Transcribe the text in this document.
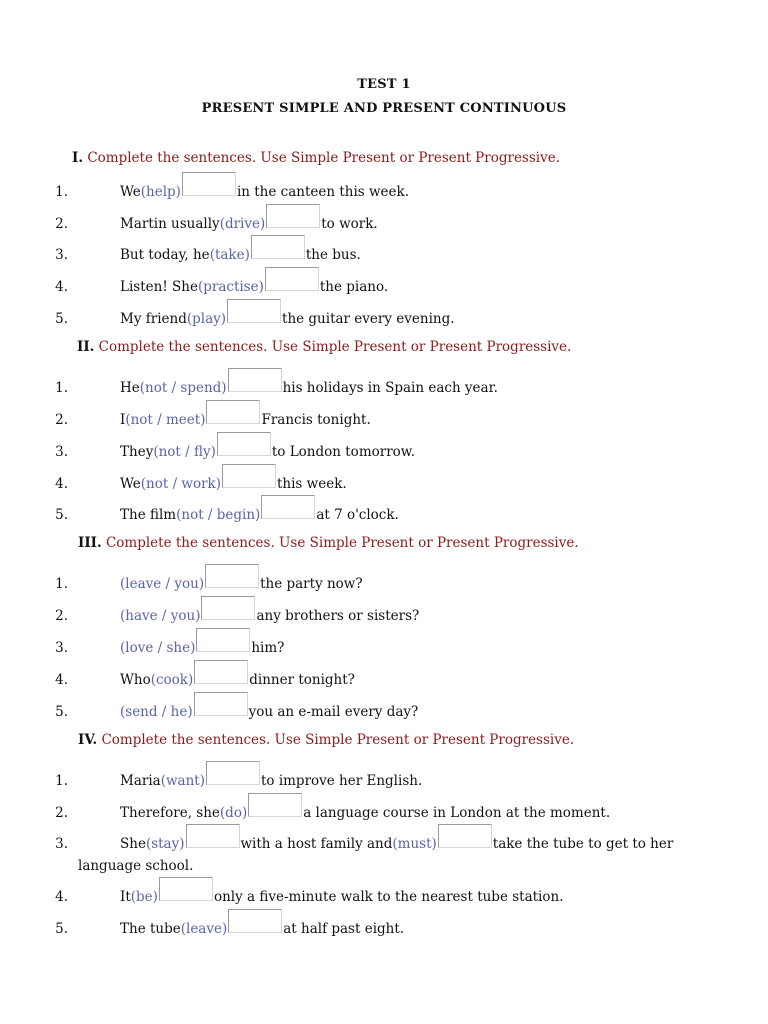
TEST 1
PRESENT SIMPLE AND PRESENT CONTINUOUS
I. Complete the sentences. Use Simple Present or Present Progressive.
1.	We (help)	in the canteen this week.
2.	Martin usually (drive)	to work.
3.	But today, he (take)	the bus.
4.	Listen! She (practise)	the piano.
5.	My friend (play)	the guitar every evening.
II. Complete the sentences. Use Simple Present or Present Progressive.
1.	He (not / spend)	his holidays in Spain each year.
2.	I (not / meet)	Francis tonight.
3.	They (not / fly)	to London tomorrow.
4.	We (not / work)	this week.
5.	The film (not / begin)	at 7 o'clock.
III. Complete the sentences. Use Simple Present or Present Progressive.
1.	(leave / you)	the party now?
2.	(have / you)	any brothers or sisters?
3.	(love / she)	him?
4.	Who (cook)	dinner tonight?
5.	(send / he)	you an e-mail every day?
IV. Complete the sentences. Use Simple Present or Present Progressive.
1.	Maria (want)	to improve her English.
2.	Therefore, she (do)	a language course in London at the moment.
3.	She (stay)	with a host family and (must)	take the tube to get to her
language school.
4.	It (be)	only a five-minute walk to the nearest tube station.
5.	The tube (leave)	at half past eight.
